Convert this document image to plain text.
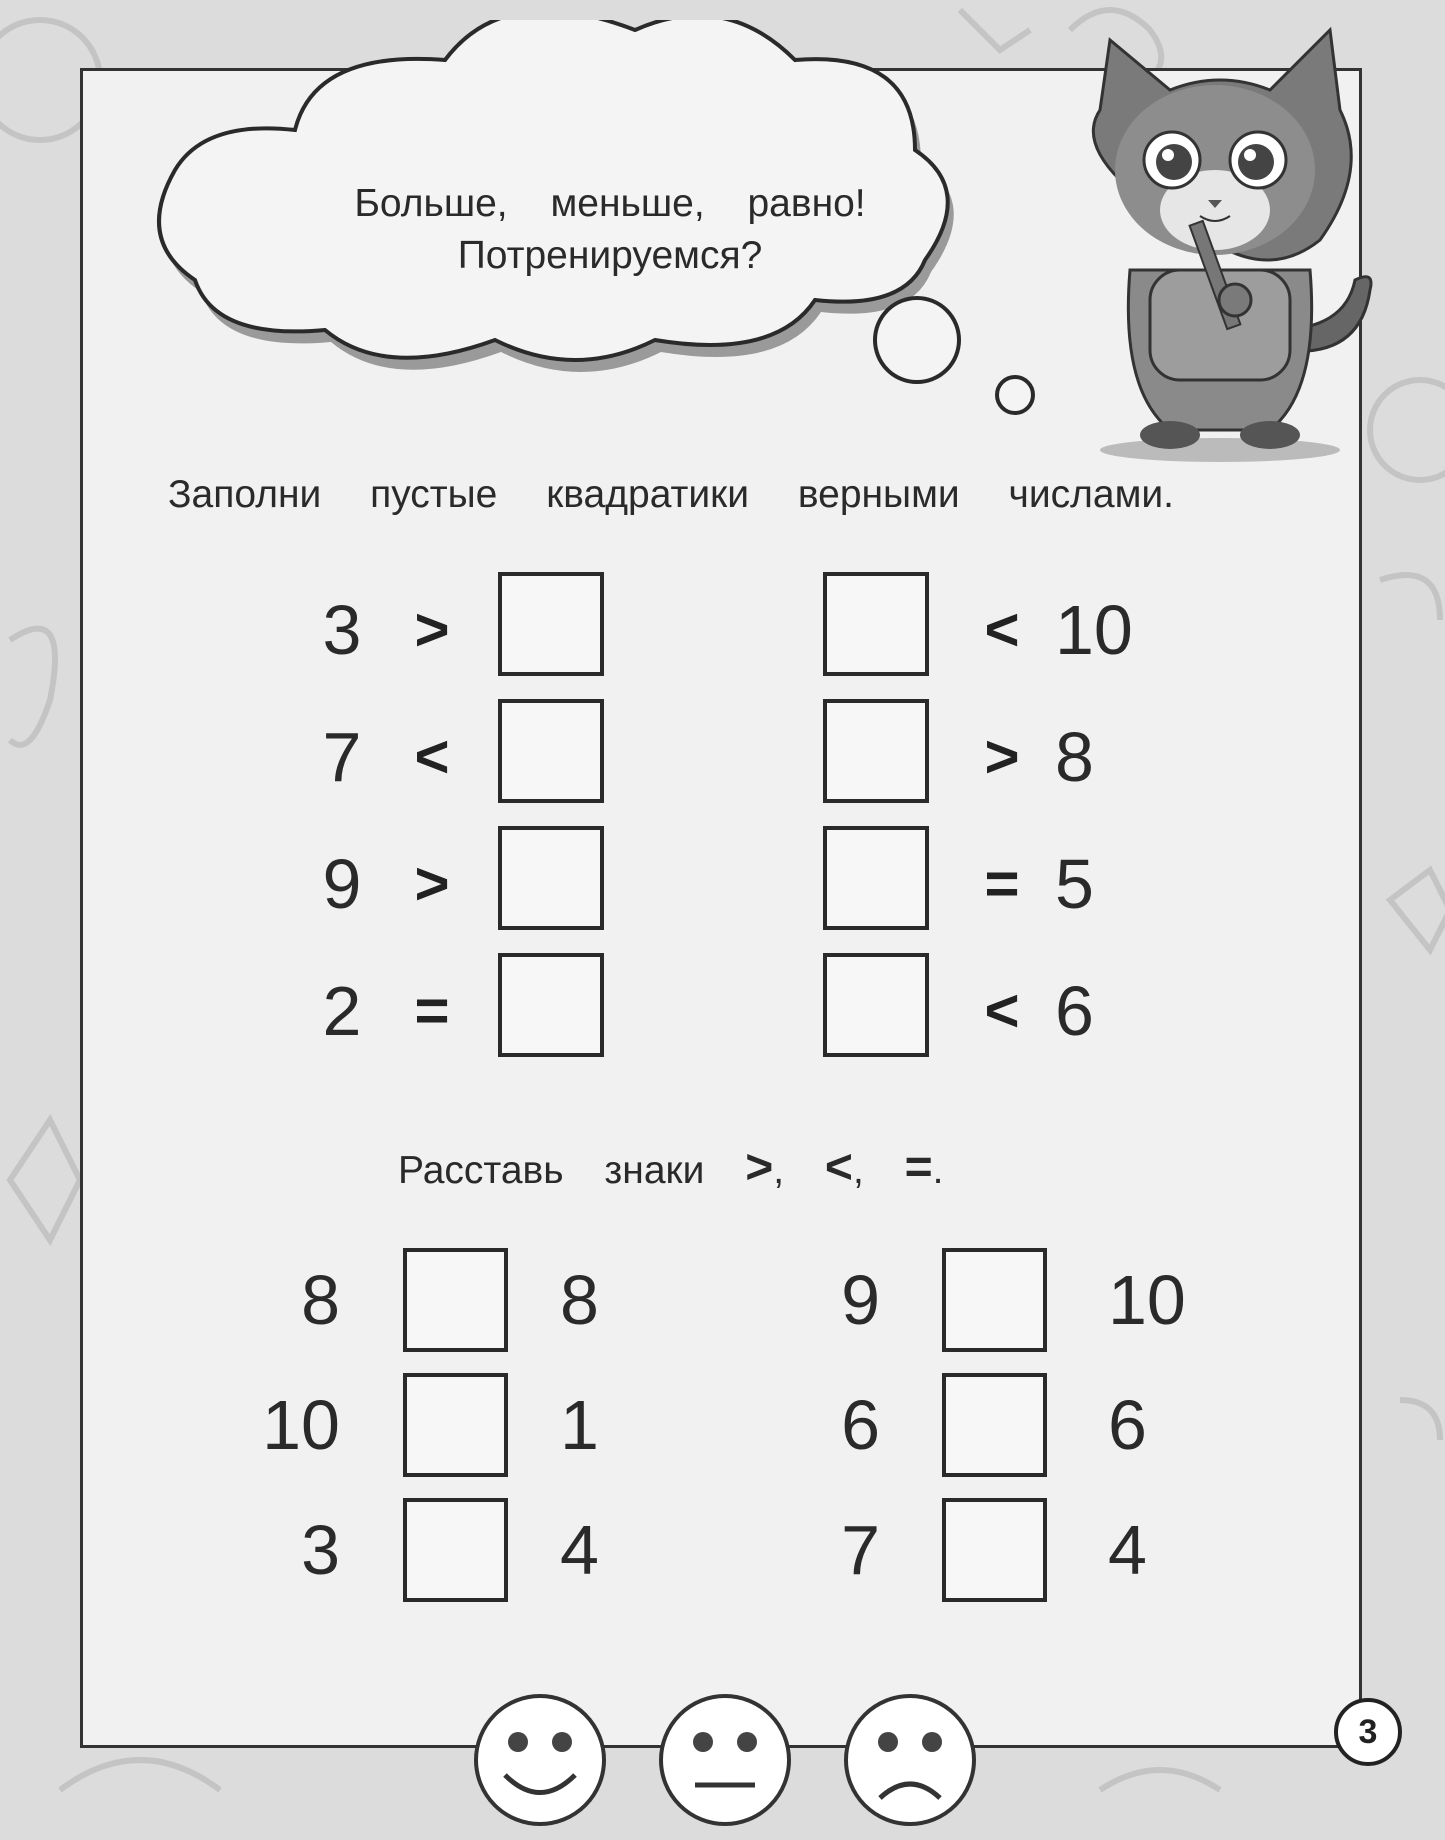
Больше, меньше, равно!
Потренируемся?
Заполни пустые квадратики верными числами.
3 >
7 <
9 >
2 =
< 10
> 8
= 5
< 6
Расставь знаки >, <, =.
8	8
10	1
3	4
9	10
6	6
7	4
3
